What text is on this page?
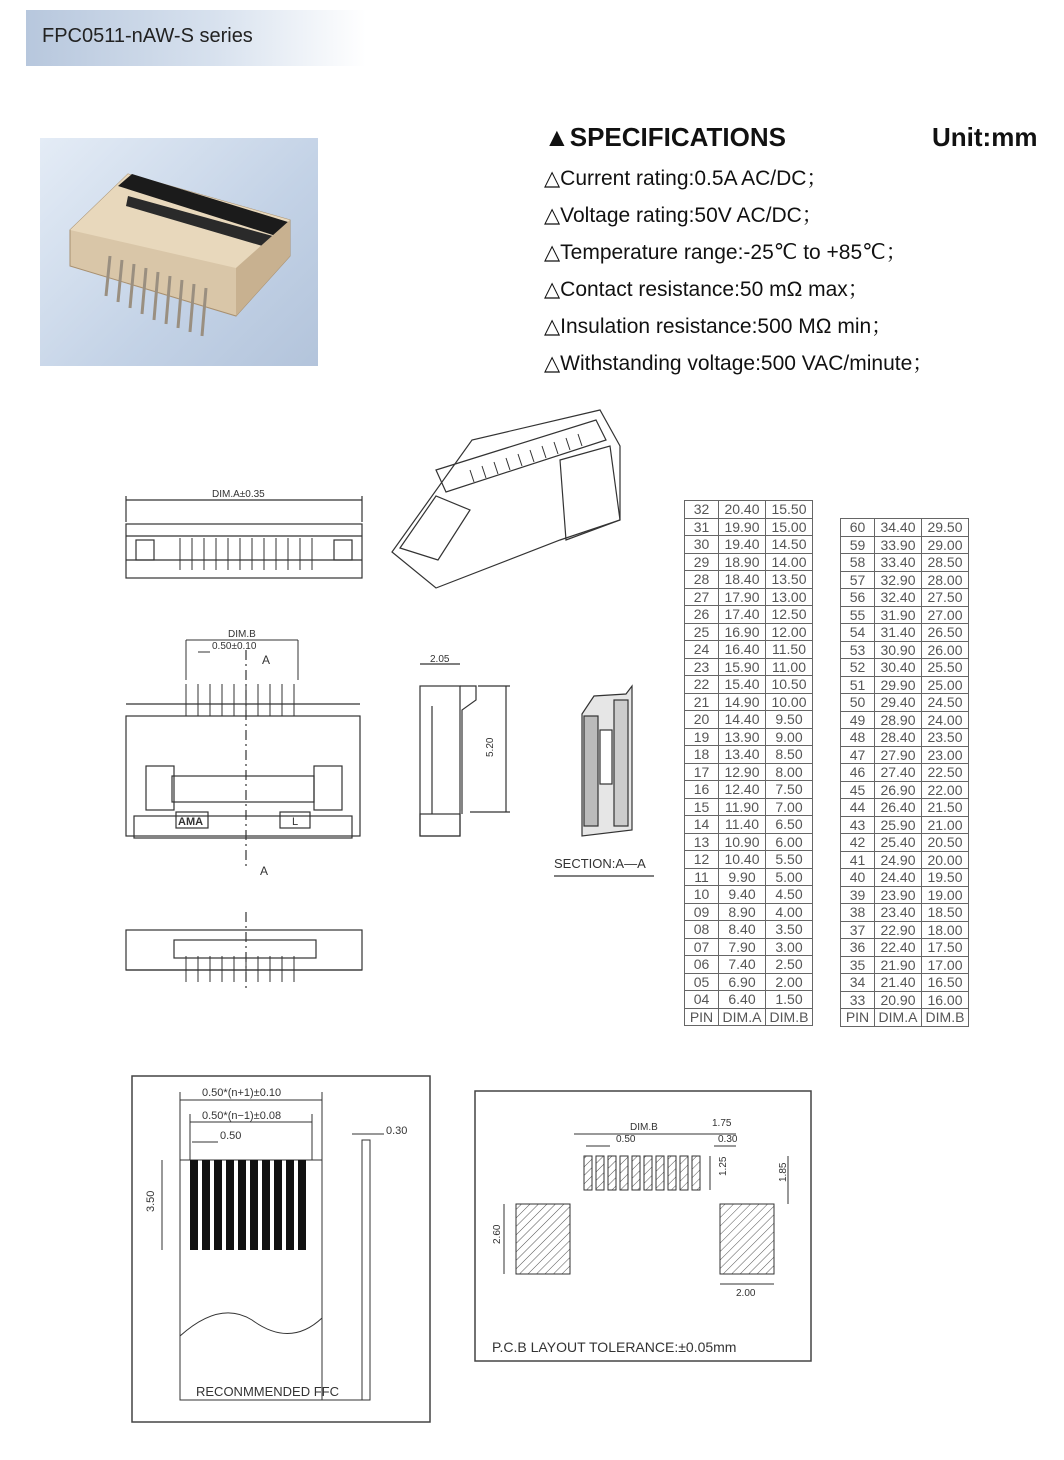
FPC0511-nAW-S series
▲SPECIFICATIONS	Unit:mm
△Current rating:0.5A AC/DC；
△Voltage rating:50V AC/DC；
△Temperature range:-25℃ to +85℃；
△Contact resistance:50 mΩ max；
△Insulation resistance:500 MΩ min；
△Withstanding voltage:500 VAC/minute；
DIM.A±0.35
DIM.B
0.50±0.10
A
A
AMA	L
2.05
5.20
SECTION:A—A
32	20.40	15.50
31	19.90	15.00
30	19.40	14.50
29	18.90	14.00
28	18.40	13.50
27	17.90	13.00
26	17.40	12.50
25	16.90	12.00
24	16.40	11.50
23	15.90	11.00
22	15.40	10.50
21	14.90	10.00
20	14.40	9.50
19	13.90	9.00
18	13.40	8.50
17	12.90	8.00
16	12.40	7.50
15	11.90	7.00
14	11.40	6.50
13	10.90	6.00
12	10.40	5.50
11	9.90	5.00
10	9.40	4.50
09	8.90	4.00
08	8.40	3.50
07	7.90	3.00
06	7.40	2.50
05	6.90	2.00
04	6.40	1.50
PIN	DIM.A	DIM.B
60	34.40	29.50
59	33.90	29.00
58	33.40	28.50
57	32.90	28.00
56	32.40	27.50
55	31.90	27.00
54	31.40	26.50
53	30.90	26.00
52	30.40	25.50
51	29.90	25.00
50	29.40	24.50
49	28.90	24.00
48	28.40	23.50
47	27.90	23.00
46	27.40	22.50
45	26.90	22.00
44	26.40	21.50
43	25.90	21.00
42	25.40	20.50
41	24.90	20.00
40	24.40	19.50
39	23.90	19.00
38	23.40	18.50
37	22.90	18.00
36	22.40	17.50
35	21.90	17.00
34	21.40	16.50
33	20.90	16.00
PIN	DIM.A	DIM.B
0.50*(n+1)±0.10
0.50*(n−1)±0.08
0.50	0.30
3.50
RECONMMENDED FFC
DIM.B
0.50
1.75
0.30
1.25	1.85
2.60
2.00
P.C.B LAYOUT TOLERANCE:±0.05mm
